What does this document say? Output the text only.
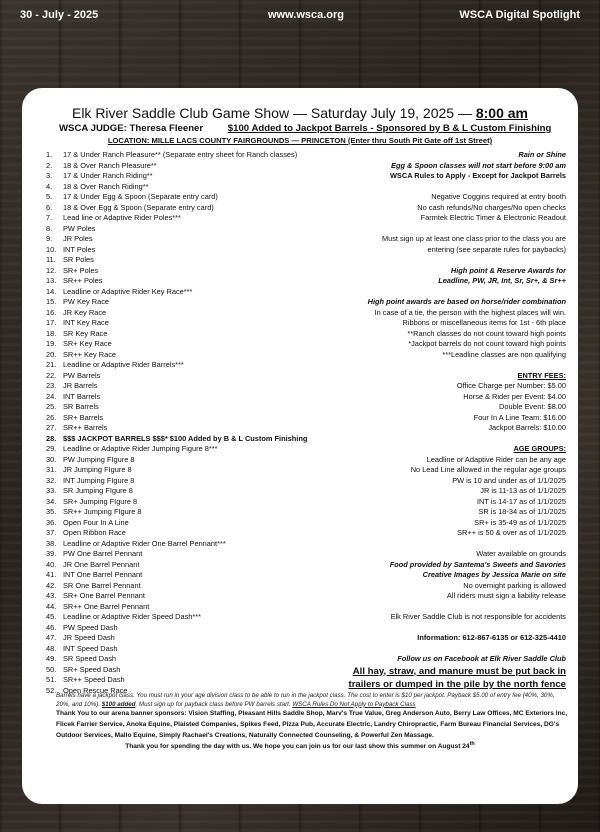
30 - July - 2025	www.wsca.org	WSCA Digital Spotlight
Elk River Saddle Club Game Show — Saturday July 19, 2025 — 8:00 am
WSCA JUDGE: Theresa Fleener	$100 Added to Jackpot Barrels - Sponsored by B & L Custom Finishing
LOCATION: MILLE LACS COUNTY FAIRGROUNDS — PRINCETON (Enter thru South Pit Gate off 1st Street)
1. 17 & Under Ranch Pleasure** (Separate entry sheet for Ranch classes)
2. 18 & Over Ranch Pleasure**
3. 17 & Under Ranch Riding**
4. 18 & Over Ranch Riding**
5. 17 & Under Egg & Spoon (Separate entry card)
6. 18 & Over Egg & Spoon (Separate entry card)
7. Lead line or Adaptive Rider Poles***
8. PW Poles
9. JR Poles
10. INT Poles
11. SR Poles
12. SR+ Poles
13. SR++ Poles
14. Leadline or Adaptive Rider Key Race***
15. PW Key Race
16. JR Key Race
17. INT Key Race
18. SR Key Race
19. SR+ Key Race
20. SR++ Key Race
21. Leadline or Adaptive Rider Barrels***
22. PW Barrels
23. JR Barrels
24. INT Barrels
25. SR Barrels
26. SR+ Barrels
27. SR++ Barrels
28. $$$ JACKPOT BARRELS $$$* $100 Added by B & L Custom Finishing
29. Leadline or Adaptive Rider Jumping Figure 8***
30. PW Jumping FIgure 8
31. JR Jumping FIgure 8
32. INT Jumping FIgure 8
33. SR Jumping FIgure 8
34. SR+ Jumping FIgure 8
35. SR++ Jumping FIgure 8
36. Open Four In A Line
37. Open Ribbon Race
38. Leadline or Adaptive Rider One Barrel Pennant***
39. PW One Barrel Pennant
40. JR One Barrel Pennant
41. INT One Barrel Pennant
42. SR One Barrel Pennant
43. SR+ One Barrel Pennant
44. SR++ One Barrel Pennant
45. Leadline or Adaptive Rider Speed Dash***
46. PW Speed Dash
47. JR Speed Dash
48. INT Speed Dash
49. SR Speed Dash
50. SR+ Speed Dash
51. SR++ Speed Dash
52. Open Rescue Race
Rain or Shine
Egg & Spoon classes will not start before 9:00 am
WSCA Rules to Apply - Except for Jackpot Barrels
Negative Coggins required at entry booth
No cash refunds/No charges/No open checks
Farmtek Electric Timer & Electronic Readout
Must sign up at least one class prior to the class you are
entering (see separate rules for paybacks)
High point & Reserve Awards for
Leadline, PW, JR, Int, Sr, Sr+, & Sr++
High point awards are based on horse/rider combination
In case of a tie, the person with the highest places will win.
Ribbons or miscellaneous items for 1st - 6th place
**Ranch classes do not count toward high points
*Jackpot barrels do not count toward high points
***Leadline classes are non qualifying
ENTRY FEES:
Office Charge per Number: $5.00
Horse & Rider per Event: $4.00
Double Event: $8.00
Four In A Line Team: $16.00
Jackpot Barrels: $10.00
AGE GROUPS:
Leadline or Adaptive Rider can be any age
No Lead Line allowed in the regular age groups
PW is 10 and under as of 1/1/2025
JR is 11-13 as of 1/1/2025
INT is 14-17 as of 1/1/2025
SR is 18-34 as of 1/1/2025
SR+ is 35-49 as of 1/1/2025
SR++ is 50 & over as of 1/1/2025
Water available on grounds
Food provided by Santema's Sweets and Savories
Creative Images by Jessica Marie on site
No overnight parking is allowed
All riders must sign a liability release
Elk River Saddle Club is not responsible for accidents
Information: 612-867-6135 or 612-325-4410
Follow us on Facebook at Elk River Saddle Club
All hay, straw, and manure must be put back in
trailers or dumped in the pile by the north fence
Barrels have a jackpot class. You must run in your age division class to be able to run in the jackpot class. The cost to enter is $10 per jackpot. Payback $5.00 of entry fee (40%, 30%, 20%, and 10%). $100 added. Must sign up for payback class before PW barrels start. WSCA Rules Do Not Apply to Payback Class
Thank You to our arena banner sponsors: Vision Staffing, Pleasant Hills Saddle Shop, Marv's True Value, Greg Anderson Auto, Berry Law Offices, MC Exteriors Inc, Flicek Farrier Service, Anoka Equine, Plaisted Companies, Spikes Feed, Pizza Pub, Accurate Electric, Landry Chiropractic, Farm Bureau Financial Services, DG's Outdoor Services, Mallo Equine, Simply Rachael's Creations, Naturally Connected Counseling, & Powerful Zen Massage.
Thank you for spending the day with us. We hope you can join us for our last show this summer on August 24th
